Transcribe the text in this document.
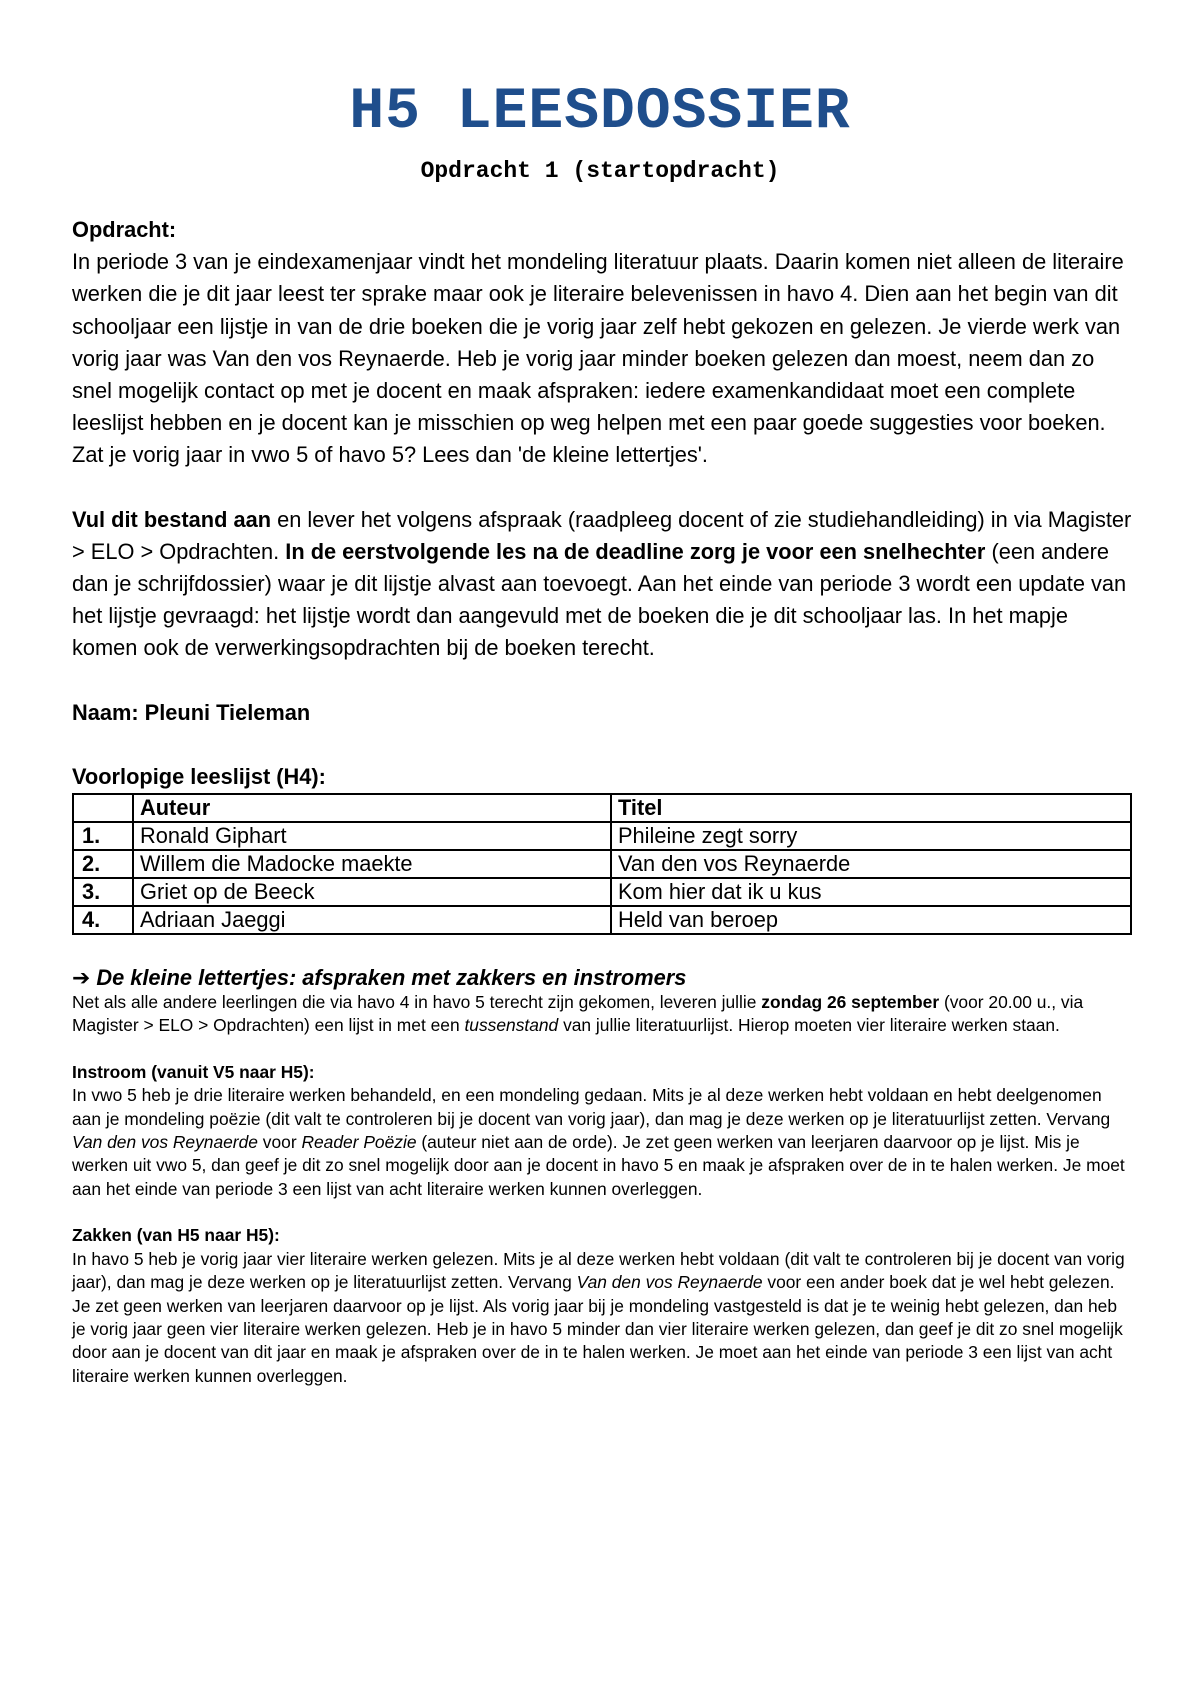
H5 LEESDOSSIER
Opdracht 1 (startopdracht)

Opdracht:
In periode 3 van je eindexamenjaar vindt het mondeling literatuur plaats. Daarin komen niet alleen de literaire werken die je dit jaar leest ter sprake maar ook je literaire belevenissen in havo 4. Dien aan het begin van dit schooljaar een lijstje in van de drie boeken die je vorig jaar zelf hebt gekozen en gelezen. Je vierde werk van vorig jaar was Van den vos Reynaerde. Heb je vorig jaar minder boeken gelezen dan moest, neem dan zo snel mogelijk contact op met je docent en maak afspraken: iedere examenkandidaat moet een complete leeslijst hebben en je docent kan je misschien op weg helpen met een paar goede suggesties voor boeken. Zat je vorig jaar in vwo 5 of havo 5? Lees dan 'de kleine lettertjes'.

Vul dit bestand aan en lever het volgens afspraak (raadpleeg docent of zie studiehandleiding) in via Magister > ELO > Opdrachten. In de eerstvolgende les na de deadline zorg je voor een snelhechter (een andere dan je schrijfdossier) waar je dit lijstje alvast aan toevoegt. Aan het einde van periode 3 wordt een update van het lijstje gevraagd: het lijstje wordt dan aangevuld met de boeken die je dit schooljaar las. In het mapje komen ook de verwerkingsopdrachten bij de boeken terecht.

Naam: Pleuni Tieleman

Voorlopige leeslijst (H4):

	Auteur	Titel
1.	Ronald Giphart	Phileine zegt sorry
2.	Willem die Madocke maekte	Van den vos Reynaerde
3.	Griet op de Beeck	Kom hier dat ik u kus
4.	Adriaan Jaeggi	Held van beroep

➔ De kleine lettertjes: afspraken met zakkers en instromers

Net als alle andere leerlingen die via havo 4 in havo 5 terecht zijn gekomen, leveren jullie zondag 26 september (voor 20.00 u., via Magister > ELO > Opdrachten) een lijst in met een tussenstand van jullie literatuurlijst. Hierop moeten vier literaire werken staan.

Instroom (vanuit V5 naar H5):

In vwo 5 heb je drie literaire werken behandeld, en een mondeling gedaan. Mits je al deze werken hebt voldaan en hebt deelgenomen aan je mondeling poëzie (dit valt te controleren bij je docent van vorig jaar), dan mag je deze werken op je literatuurlijst zetten. Vervang Van den vos Reynaerde voor Reader Poëzie (auteur niet aan de orde). Je zet geen werken van leerjaren daarvoor op je lijst. Mis je werken uit vwo 5, dan geef je dit zo snel mogelijk door aan je docent in havo 5 en maak je afspraken over de in te halen werken. Je moet aan het einde van periode 3 een lijst van acht literaire werken kunnen overleggen.

Zakken (van H5 naar H5):

In havo 5 heb je vorig jaar vier literaire werken gelezen. Mits je al deze werken hebt voldaan (dit valt te controleren bij je docent van vorig jaar), dan mag je deze werken op je literatuurlijst zetten. Vervang Van den vos Reynaerde voor een ander boek dat je wel hebt gelezen. Je zet geen werken van leerjaren daarvoor op je lijst. Als vorig jaar bij je mondeling vastgesteld is dat je te weinig hebt gelezen, dan heb je vorig jaar geen vier literaire werken gelezen. Heb je in havo 5 minder dan vier literaire werken gelezen, dan geef je dit zo snel mogelijk door aan je docent van dit jaar en maak je afspraken over de in te halen werken. Je moet aan het einde van periode 3 een lijst van acht literaire werken kunnen overleggen.
